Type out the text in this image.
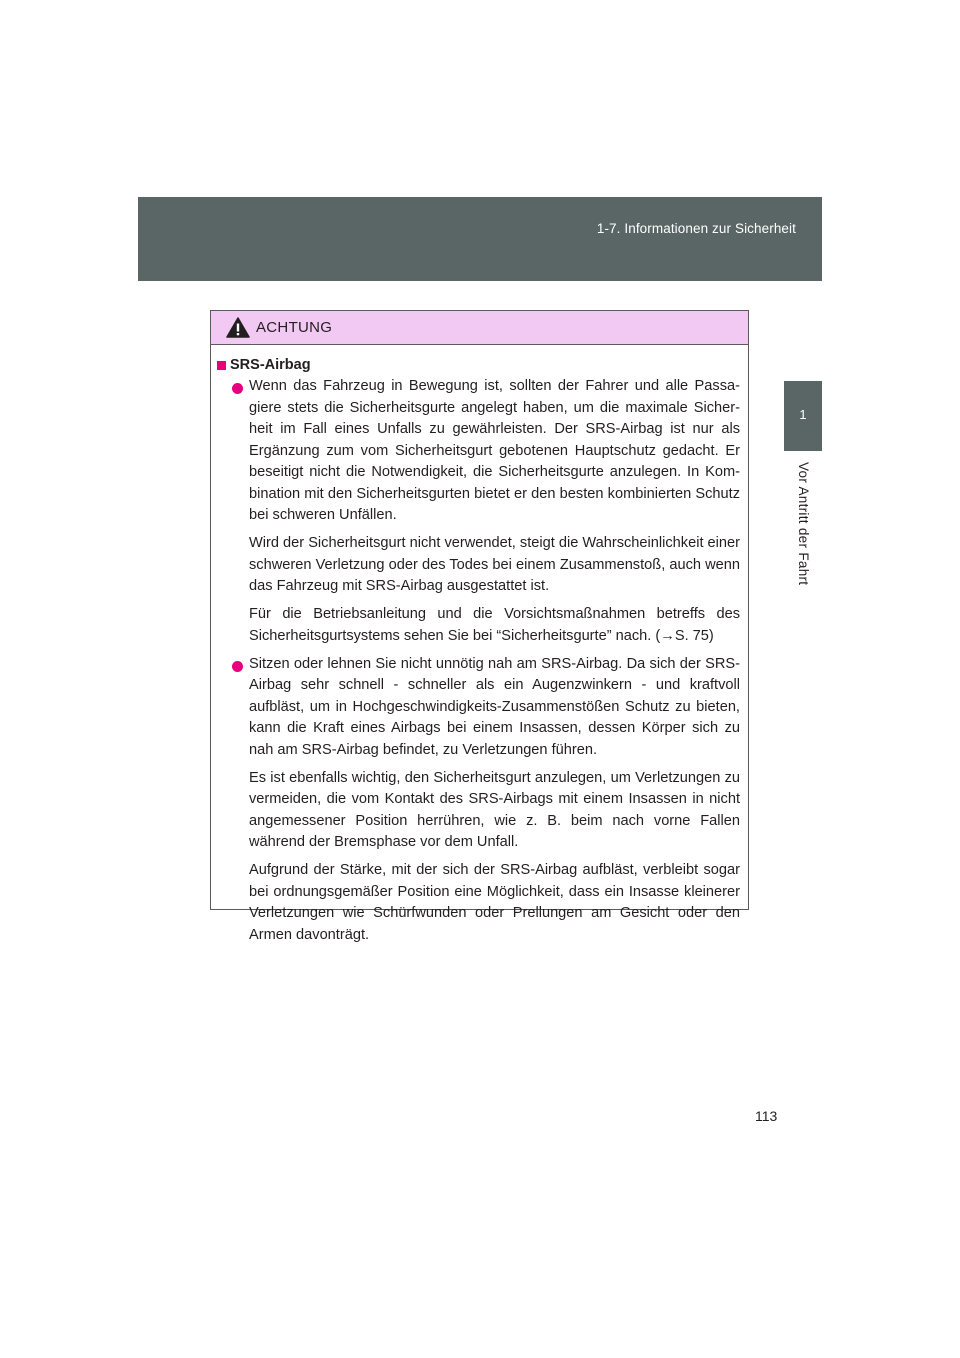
1-7. Informationen zur Sicherheit
1
Vor Antritt der Fahrt
ACHTUNG
SRS-Airbag

Wenn das Fahrzeug in Bewegung ist, sollten der Fahrer und alle Passagiere stets die Sicherheitsgurte angelegt haben, um die maximale Sicherheit im Fall eines Unfalls zu gewährleisten. Der SRS-Airbag ist nur als Ergänzung zum vom Sicherheitsgurt gebotenen Hauptschutz gedacht. Er beseitigt nicht die Notwendigkeit, die Sicherheitsgurte anzulegen. In Kombination mit den Sicherheitsgurten bietet er den besten kombinierten Schutz bei schweren Unfällen.

Wird der Sicherheitsgurt nicht verwendet, steigt die Wahrscheinlichkeit einer schweren Verletzung oder des Todes bei einem Zusammenstoß, auch wenn das Fahrzeug mit SRS-Airbag ausgestattet ist.

Für die Betriebsanleitung und die Vorsichtsmaßnahmen betreffs des Sicherheitsgurtsystems sehen Sie bei “Sicherheitsgurte” nach. (→S. 75)

Sitzen oder lehnen Sie nicht unnötig nah am SRS-Airbag. Da sich der SRS-Airbag sehr schnell - schneller als ein Augenzwinkern - und kraftvoll aufbläst, um in Hochgeschwindigkeits-Zusammenstößen Schutz zu bieten, kann die Kraft eines Airbags bei einem Insassen, dessen Körper sich zu nah am SRS-Airbag befindet, zu Verletzungen führen.

Es ist ebenfalls wichtig, den Sicherheitsgurt anzulegen, um Verletzungen zu vermeiden, die vom Kontakt des SRS-Airbags mit einem Insassen in nicht angemessener Position herrühren, wie z. B. beim nach vorne Fallen während der Bremsphase vor dem Unfall.

Aufgrund der Stärke, mit der sich der SRS-Airbag aufbläst, verbleibt sogar bei ordnungsgemäßer Position eine Möglichkeit, dass ein Insasse kleinerer Verletzungen wie Schürfwunden oder Prellungen am Gesicht oder den Armen davonträgt.

113
